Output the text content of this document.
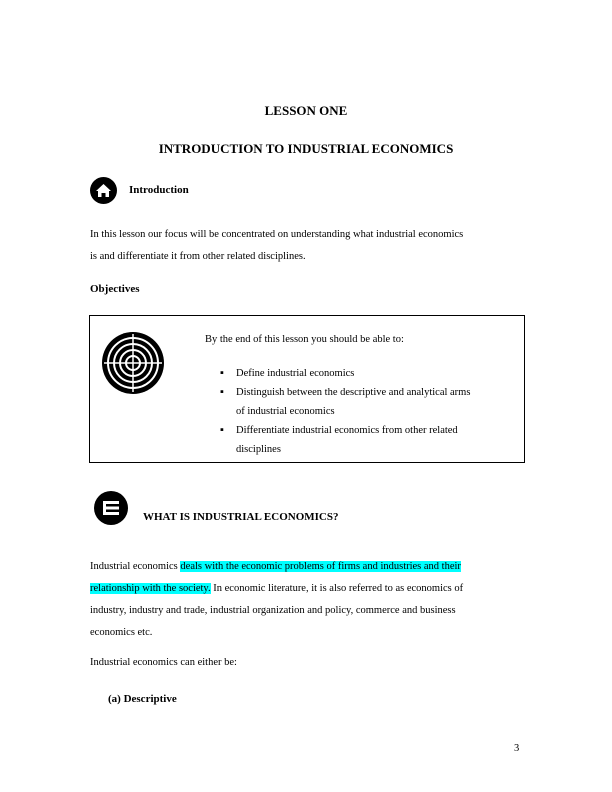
LESSON ONE
INTRODUCTION TO INDUSTRIAL ECONOMICS
Introduction
In this lesson our focus will be concentrated on understanding what industrial economics
is and differentiate it from other related disciplines.
Objectives
By the end of this lesson you should be able to:
▪ Define industrial economics
▪ Distinguish between the descriptive and analytical arms
of industrial economics
▪ Differentiate industrial economics from other related
disciplines
WHAT IS INDUSTRIAL ECONOMICS?
Industrial economics deals with the economic problems of firms and industries and their
relationship with the society. In economic literature, it is also referred to as economics of
industry, industry and trade, industrial organization and policy, commerce and business
economics etc.
Industrial economics can either be:
(a) Descriptive
3
